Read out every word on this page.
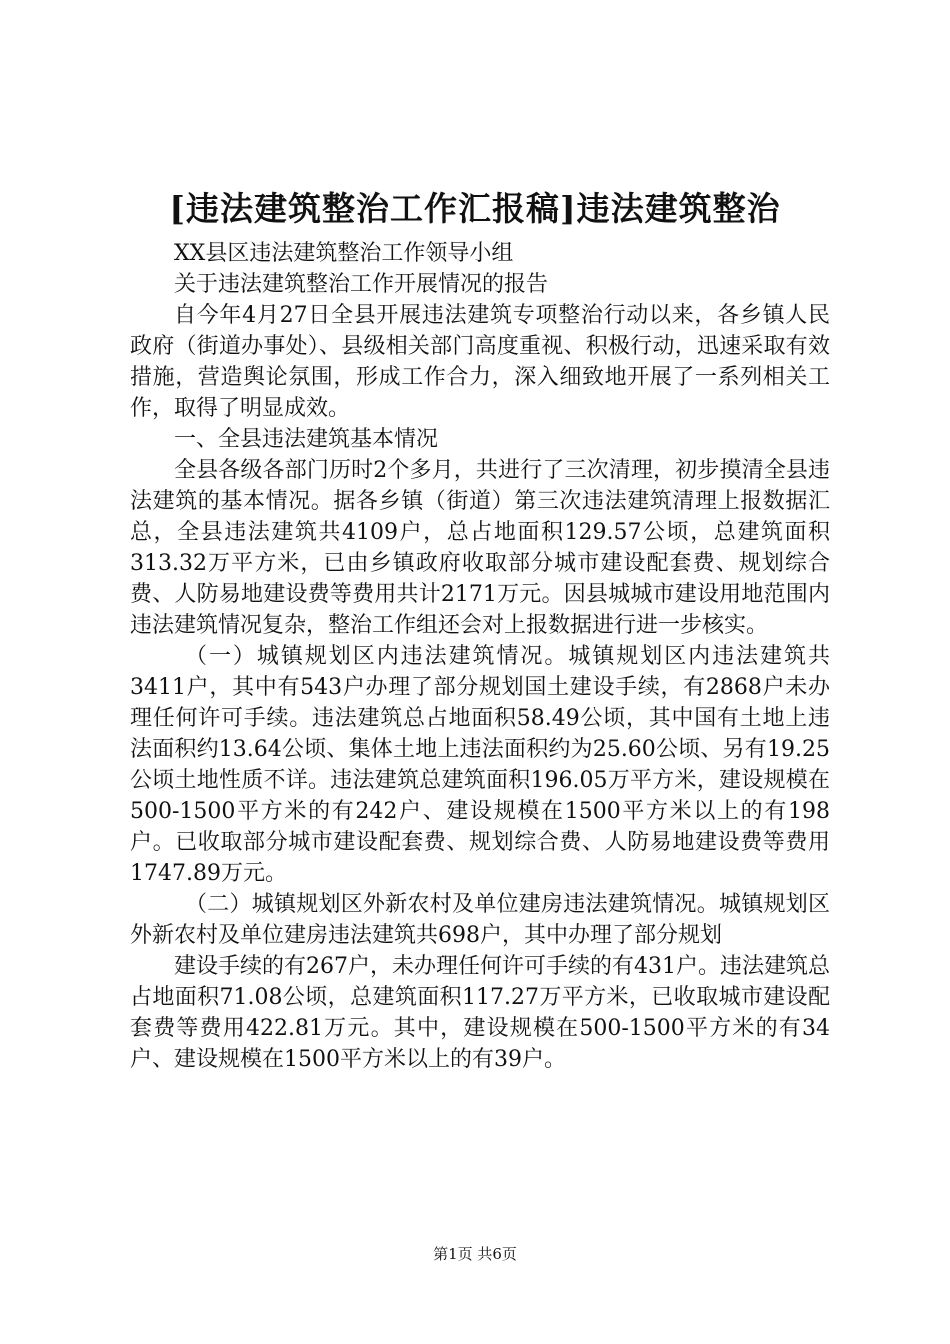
[违法建筑整治工作汇报稿]违法建筑整治

XX县区违法建筑整治工作领导小组

关于违法建筑整治工作开展情况的报告

自今年4月27日全县开展违法建筑专项整治行动以来，各乡镇人民政府（街道办事处）、县级相关部门高度重视、积极行动，迅速采取有效措施，营造舆论氛围，形成工作合力，深入细致地开展了一系列相关工作，取得了明显成效。

一、全县违法建筑基本情况

全县各级各部门历时2个多月，共进行了三次清理，初步摸清全县违法建筑的基本情况。据各乡镇（街道）第三次违法建筑清理上报数据汇总，全县违法建筑共4109户，总占地面积129.57公顷，总建筑面积313.32万平方米，已由乡镇政府收取部分城市建设配套费、规划综合费、人防易地建设费等费用共计2171万元。因县城城市建设用地范围内违法建筑情况复杂，整治工作组还会对上报数据进行进一步核实。

（一）城镇规划区内违法建筑情况。城镇规划区内违法建筑共3411户，其中有543户办理了部分规划国土建设手续，有2868户未办理任何许可手续。违法建筑总占地面积58.49公顷，其中国有土地上违法面积约13.64公顷、集体土地上违法面积约为25.60公顷、另有19.25公顷土地性质不详。违法建筑总建筑面积196.05万平方米，建设规模在500-1500平方米的有242户、建设规模在1500平方米以上的有198户。已收取部分城市建设配套费、规划综合费、人防易地建设费等费用1747.89万元。

（二）城镇规划区外新农村及单位建房违法建筑情况。城镇规划区外新农村及单位建房违法建筑共698户，其中办理了部分规划

建设手续的有267户，未办理任何许可手续的有431户。违法建筑总占地面积71.08公顷，总建筑面积117.27万平方米，已收取城市建设配套费等费用422.81万元。其中，建设规模在500-1500平方米的有34户、建设规模在1500平方米以上的有39户。

第1页 共6页
